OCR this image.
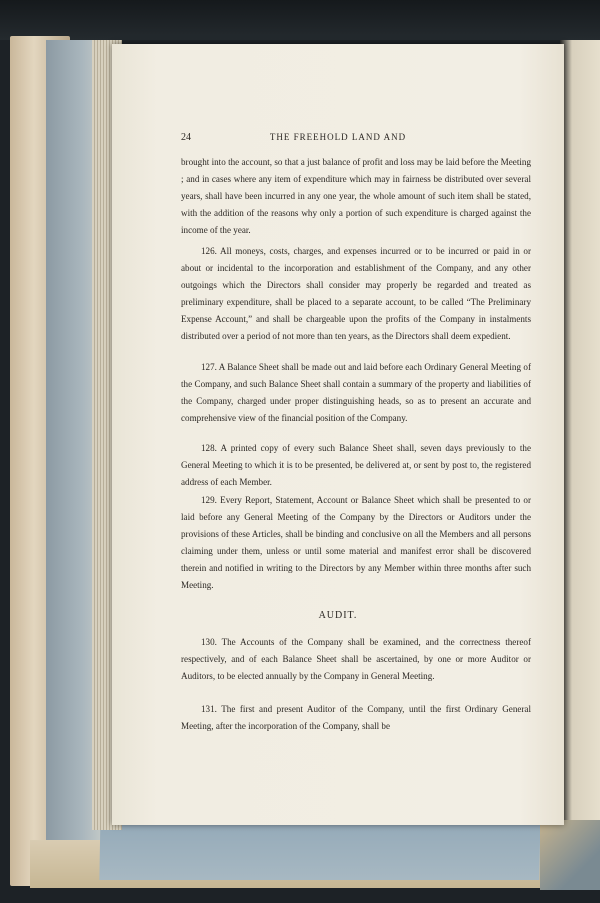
24	THE FREEHOLD LAND AND
brought into the account, so that a just balance of profit and loss may be laid before the Meeting ; and in cases where any item of expenditure which may in fairness be distributed over several years, shall have been incurred in any one year, the whole amount of such item shall be stated, with the addition of the reasons why only a portion of such expenditure is charged against the income of the year.
126. All moneys, costs, charges, and expenses incurred or to be incurred or paid in or about or incidental to the incorporation and establishment of the Company, and any other outgoings which the Directors shall consider may properly be regarded and treated as preliminary expenditure, shall be placed to a separate account, to be called “The Preliminary Expense Account,” and shall be chargeable upon the profits of the Company in instalments distributed over a period of not more than ten years, as the Directors shall deem expedient.
127. A Balance Sheet shall be made out and laid before each Ordinary General Meeting of the Company, and such Balance Sheet shall contain a summary of the property and liabilities of the Company, charged under proper distinguishing heads, so as to present an accurate and comprehensive view of the financial position of the Company.
128. A printed copy of every such Balance Sheet shall, seven days previously to the General Meeting to which it is to be presented, be delivered at, or sent by post to, the registered address of each Member.
129. Every Report, Statement, Account or Balance Sheet which shall be presented to or laid before any General Meeting of the Company by the Directors or Auditors under the provisions of these Articles, shall be binding and conclusive on all the Members and all persons claiming under them, unless or until some material and manifest error shall be discovered therein and notified in writing to the Directors by any Member within three months after such Meeting.
AUDIT.
130. The Accounts of the Company shall be examined, and the correctness thereof respectively, and of each Balance Sheet shall be ascertained, by one or more Auditor or Auditors, to be elected annually by the Company in General Meeting.
131. The first and present Auditor of the Company, until the first Ordinary General Meeting, after the incorporation of the Company, shall be
